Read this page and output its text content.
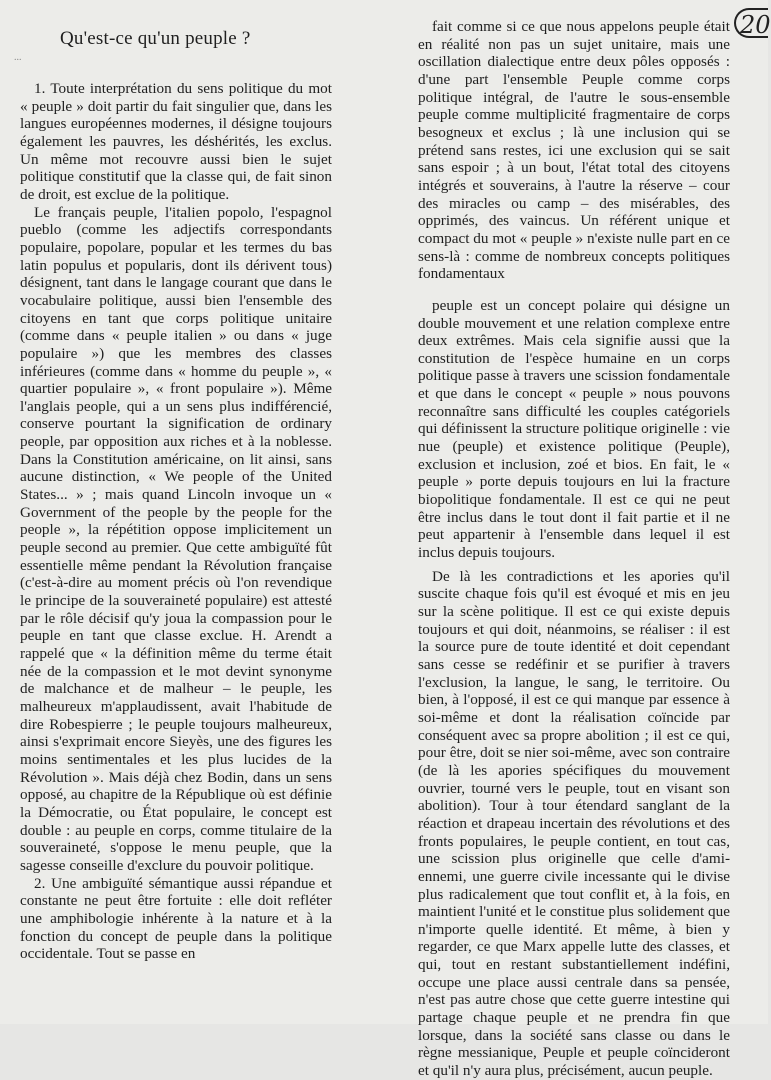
...
20
Qu'est-ce qu'un peuple ?

1. Toute interprétation du sens politique du mot « peuple » doit partir du fait singulier que, dans les langues européennes modernes, il désigne toujours également les pauvres, les déshérités, les exclus. Un même mot recouvre aussi bien le sujet politique constitutif que la classe qui, de fait sinon de droit, est exclue de la politique.

Le français peuple, l'italien popolo, l'espagnol pueblo (comme les adjectifs correspondants populaire, popolare, popular et les termes du bas latin populus et popularis, dont ils dérivent tous) désignent, tant dans le langage courant que dans le vocabulaire politique, aussi bien l'ensemble des citoyens en tant que corps politique unitaire (comme dans « peuple italien » ou dans « juge populaire ») que les membres des classes inférieures (comme dans « homme du peuple », « quartier populaire », « front populaire »). Même l'anglais people, qui a un sens plus indifférencié, conserve pourtant la signification de ordinary people, par opposition aux riches et à la noblesse. Dans la Constitution américaine, on lit ainsi, sans aucune distinction, « We people of the United States... » ; mais quand Lincoln invoque un « Government of the people by the people for the people », la répétition oppose implicitement un peuple second au premier. Que cette ambiguïté fût essentielle même pendant la Révolution française (c'est-à-dire au moment précis où l'on revendique le principe de la souveraineté populaire) est attesté par le rôle décisif qu'y joua la compassion pour le peuple en tant que classe exclue. H. Arendt a rappelé que « la définition même du terme était née de la compassion et le mot devint synonyme de malchance et de malheur – le peuple, les malheureux m'applaudissent, avait l'habitude de dire Robespierre ; le peuple toujours malheureux, ainsi s'exprimait encore Sieyès, une des figures les moins sentimentales et les plus lucides de la Révolution ». Mais déjà chez Bodin, dans un sens opposé, au chapitre de la République où est définie la Démocratie, ou État populaire, le concept est double : au peuple en corps, comme titulaire de la souveraineté, s'oppose le menu peuple, que la sagesse conseille d'exclure du pouvoir politique.

2. Une ambiguïté sémantique aussi répandue et constante ne peut être fortuite : elle doit refléter une amphibologie inhérente à la nature et à la fonction du concept de peuple dans la politique occidentale. Tout se passe en

fait comme si ce que nous appelons peuple était en réalité non pas un sujet unitaire, mais une oscillation dialectique entre deux pôles opposés : d'une part l'ensemble Peuple comme corps politique intégral, de l'autre le sous-ensemble peuple comme multiplicité fragmentaire de corps besogneux et exclus ; là une inclusion qui se prétend sans restes, ici une exclusion qui se sait sans espoir ; à un bout, l'état total des citoyens intégrés et souverains, à l'autre la réserve – cour des miracles ou camp – des misérables, des opprimés, des vaincus. Un référent unique et compact du mot « peuple » n'existe nulle part en ce sens-là : comme de nombreux concepts politiques fondamentaux

peuple est un concept polaire qui désigne un double mouvement et une relation complexe entre deux extrêmes. Mais cela signifie aussi que la constitution de l'espèce humaine en un corps politique passe à travers une scission fondamentale et que dans le concept « peuple » nous pouvons reconnaître sans difficulté les couples catégoriels qui définissent la structure politique originelle : vie nue (peuple) et existence politique (Peuple), exclusion et inclusion, zoé et bios. En fait, le « peuple » porte depuis toujours en lui la fracture biopolitique fondamentale. Il est ce qui ne peut être inclus dans le tout dont il fait partie et il ne peut appartenir à l'ensemble dans lequel il est inclus depuis toujours.

De là les contradictions et les apories qu'il suscite chaque fois qu'il est évoqué et mis en jeu sur la scène politique. Il est ce qui existe depuis toujours et qui doit, néanmoins, se réaliser : il est la source pure de toute identité et doit cependant sans cesse se redéfinir et se purifier à travers l'exclusion, la langue, le sang, le territoire. Ou bien, à l'opposé, il est ce qui manque par essence à soi-même et dont la réalisation coïncide par conséquent avec sa propre abolition ; il est ce qui, pour être, doit se nier soi-même, avec son contraire (de là les apories spécifiques du mouvement ouvrier, tourné vers le peuple, tout en visant son abolition). Tour à tour étendard sanglant de la réaction et drapeau incertain des révolutions et des fronts populaires, le peuple contient, en tout cas, une scission plus originelle que celle d'ami-ennemi, une guerre civile incessante qui le divise plus radicalement que tout conflit et, à la fois, en maintient l'unité et le constitue plus solidement que n'importe quelle identité. Et même, à bien y regarder, ce que Marx appelle lutte des classes, et qui, tout en restant substantiellement indéfini, occupe une place aussi centrale dans sa pensée, n'est pas autre chose que cette guerre intestine qui partage chaque peuple et ne prendra fin que lorsque, dans la société sans classe ou dans le règne messianique, Peuple et peuple coïncideront et qu'il n'y aura plus, précisément, aucun peuple.
